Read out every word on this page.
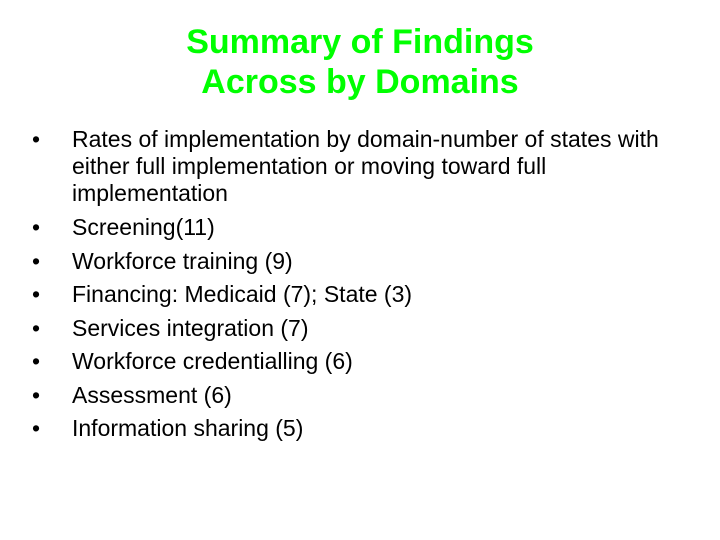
Summary of Findings
Across by Domains
• Rates of implementation by domain-number of states with either full implementation or moving toward full implementation
• Screening(11)
• Workforce training (9)
• Financing: Medicaid (7); State (3)
• Services integration (7)
• Workforce credentialling (6)
• Assessment (6)
• Information sharing (5)
